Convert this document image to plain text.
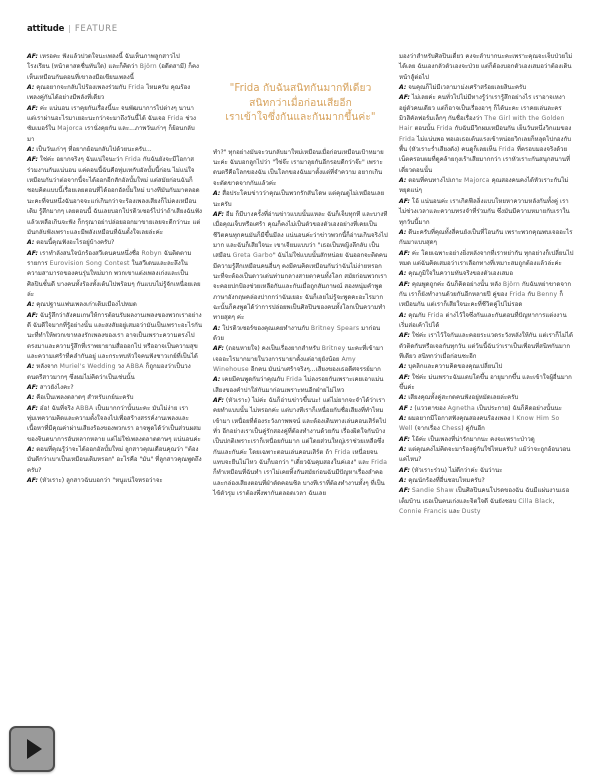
attitude | FEATURE

AF: เหรอคะ ฟังแล้วปวดใจนะเพลงนี้ ฉันเห็นภาพลูกสาวไปโรงเรียน (หน้าตาสดชื่นทันใด) และก็คิดว่า Björn (อดีตสามี) ก็คงเห็นเหมือนกันตอนที่เขาลงมือเขียนเพลงนี้

A: คุณอยากจะกลับไปร้องเพลงร่วมกับ Frida ไหมครับ คุณร้องเพลงคู่กันได้อย่างมีพลังที่เดียว

AF: ค่ะ แน่นอน เราคุยกันเรื่องนี้นะ จนพัฒนาการไปต่างๆ นานา แต่เราผ่านอะไรมาเยอะนะกว่าจะมาถึงวันนี้ได้ ฉันเจอ Frida ช่วงซัมเมอร์ใน Majorca เรานั่งคุยกัน และ...ภาพวันเก่าๆ ก็ย้อนกลับมา

A: เป็นวันเก่าๆ ที่อยากย้อนกลับไปด้วยนะครับ...

AF: ใช่ค่ะ อยากจริงๆ ฉันแน่ใจนะว่า Frida กับฉันยังจะมีโอกาสร่วมงานกันแน่นอน แค่ตอนนี้ฉันคือทุ่มเทกับอัลบั้มนี้ก่อน ไม่แน่ใจเหมือนกันว่าต่อจากนี้จะได้ออกอีกสักอัลบั้มใหม่ แต่สมัยก่อนฉันก็ชอบคิดแบบนี้เรื่อยเลยตอนที่ได้ออกอัลบั้มใหม่ บางทีมันกันมาตลอดนะคะที่จนหนึ่งฉันอาจจะแก่เกินกว่าจะร้องเพลงเสียงก็ไม่คงเหมือนเดิม รู้สึกมากๆ เลยตอนนี้ ฉันเลยบอกโปรดิวเซอร์ไปว่าถ้าเสียงฉันฟังแล้วเหลือเกินจะฟัง ก็กรุณาอย่าปล่อยออกมาขายเลยจะดีกว่านะ แต่มันกลับฟังเพราะและมีพลังเหมือนที่ฉันตั้งใจเลยล่ะค่ะ

A: ตอนนี้คุณฟังอะไรอยู่บ้างครับ?

AF: เราทำลังสนใจนักร้องสวีเดนคนหนึ่งชื่อ Robyn ฉันติดตามรายการ Eurovision Song Contest ในสวีเดนและละลึงในความสามารถของคนรุ่นใหม่มาก พวกเขาแต่งเพลงเก่งและเป็นศิลปินชั้นดี บางคนทั้งร้องทั้งเต้นไปพร้อมๆ กันแบบไม่รู้จักเหนื่อยเลยล่ะ

A: คุณปฐานแฟนเพลงเก่าเดิมเมืองไปหมด

AF: ฉันรู้สึกว่าสังคมเกษให้การต้อนรับผลงานเพลงของพวกเราอย่างดี ฉันดีใจมากที่รู้อย่างนั้น และสงสัยอยู่เสมอว่ามันเป็นเพราะอะไรกันนะที่ทำให้พวกเขาหลงรักเพลงของเรา อาจเป็นเพราะความตรงไปตรงมาและความรู้สึกที่เราพยายามสื่อออกไป หรืออาจเป็นความสุขและความเศร้าที่คลำกันอยู่ และกระทบหัวใจคนฟังชาวเกย์ที่เป็นได้

A: หลังจาก Muriel's Wedding วง ABBA ก็ถูกมองว่าเป็นวงดนตรีสาวมากๆ ซึ่งผมไม่คิดว่าเป็นเช่นนั้น

AF: สาวยังไงคะ?

A: คือเป็นเพลงตลาดๆ สำหรับเกย์นะครับ

AF: อ๋อ! ฉันที่จริง ABBA เป็นมากกว่านั้นนะคะ มันไม่ง่าย เราทุ่มเทความคิดและความตั้งใจลงไปเพื่อสร้างสรรค์งานเพลงและเนื้อหาที่มีคุณค่าผ่านเสียงร้องของพวกเรา อาจพูดได้ว่าเป็นส่วนผสมของจินตนาการอันหลากหลาย แต่ไม่ใช่เพลงตลาดดาษๆ แน่นอนค่ะ

A: ตอนที่คุณรู้ว่าจะได้ออกอัลบั้มใหม่ ลูกสาวคุณเดือนคุณว่า "ต้องมันดีกว่าเบาเป็นเหมือนเดิมหรอก" อะไรคือ "มัน" ที่ลูกสาวคุณพูดถึงครับ?

AF: (หัวเราะ) ลูกสาวฉันบอกว่า "หนูแน่ใจหรอว่าจะ

"Frida กับฉันสนิทกันมากทีเดียว
สนิทกว่าเมื่อก่อนเสียอีก
เราเข้าใจซึ่งกันและกันมากขึ้นค่ะ"

ทำ?" ทุกอย่างมันจะวนกลับมาใหม่เหมือนเมื่อก่อนเหมือนเป้าหมายนะค่ะ ฉันบอกลูกไปว่า "ใช่จ๊ะ เรามาลุยกันอีกรอบดีกว่าจ๊ะ" เพราะดนตรีคือโลกของฉัน เป็นโลกของฉันมาตั้งแต่ที่จำความ อยากเกินจะตัดขาดจากกันแล้วค่ะ

A: สื่อประโคมข่าวว่าคุณเป็นพวกรักสันโดษ แต่คุณดูไม่เหมือนเลยนะครับ

AF: อืม ก็มีบางครั้งที่อ่านข่าวแบบนั้นแหละ ฉันก็เจ็บทุกที และบางทีเมื่อคุณเจ็บหรือเศร้า คุณก็คงไม่เป็นตัวของตัวเองอย่างที่เคยเป็น ชีวิตคนทุกคนมันก็มีขึ้นมีลง แน่นอนค่ะว่าข่าวพวกนี้ก็อ่านเกินจริงไปมาก และฉันก็เสียใจนะ เขาเจียมแบบว่า "เธอเป็นหญิงลึกลับ เป็นเสมือน Greta Garbo" ฉันไม่ใช่แบบนั้นสักหน่อย ฉันออกจะติดคน มีความรู้สึกเหมือนคนอื่นๆ คงมีคนคิดเหมือนกันว่าฉันไม่ง่ายหรอกนะที่จะต้องเป็นดาวเด่นท่ามกลางสายตาคนทั้งโลก สมัยก่อนพวกเราจะคอยปกป้องช่วยเหลือกันและกันเมื่อถูกสัมภาษณ์ สองหนุ่มคำพูดภาษาอังกฤษคล่องปากกว่าฉันเยอะ ฉันก็เลยไม่รู้จะพูดคะอะไรมาก ฉะนั้นก็คงพูดได้ว่าการปล่อยพเป็นศิลปินของคนทั้งโลกเป็นความทำทายสุดๆ ค่ะ

A: โปรดิวเซอร์ของคุณเคยทำงานกับ Britney Spears มาก่อนด้วย

AF: (ถอนหายใจ) คงเป็นเรื่องยากสำหรับ Britney นะคะที่เข้ามาเจออะไรมากมายในวงการมายาตั้งแต่อายุยังน้อย Amy Winehouse อีกคน มันน่าเศร้าจริงๆ...เสียงของเธอดีศจรรย์มาก

A: เคยมีคนพูดกันว่าคุณกับ Frida ไม่ลงรอยกันเพราะเคยเอาแม่นเสียงของคำปาใส่กันมาก่อนเพราะทนอีกฝ่ายไม่ไหว

AF: (หัวเราะ) ไม่ค่ะ ฉันก็อ่านข่าวขึ้นนะ! แต่ไม่ยากจะจำได้ว่าเราคยทำแบบนั้น ไม่หรอกค่ะ แต่บางทีเราก็เหนื่อยกับชื่อเสียงที่ทำไหมเข้ามา เหนื่อยที่ต้องระวังภาพพจน์ และต้องเดินทางเล่นคอนเสิร์ตไปทั่ว อีกอย่างเราเป็นคู่รักสองคู่ที่ต้องทำงานด้วยกัน เรื่องผิดใจกันบ้างเป็นปกติเพราะเราก็เหนื่อยกันมาก แต่โดยส่วนใหญ่เราช่วยเหลือซึ่งกันและกันค่ะ โดยเฉพาะตอนเล่นคอนเสิร์ต ถ้า Frida เหนื่อยจนแทบจะยืนไม่ไหว ฉันก็บอกว่า "เดี๋ยวฉันคุมสองในค่เอง" และ Frida ก็ทำเหมือนที่ฉันทำ เราไม่เคยทิ้งกันสมัยก่อนฉันมีปัญหาเรื่องลำคอและกล่องเสียงตอนที่ฝ่าตัดคอนซิล บางทีเราที่ต้องทำงานทั้งๆ ที่เป็นไข้ตัวรุม เราต้องพึ่งพากันตลอดเวลา ฉันเลย

มองว่าสำหรับศิลปินเดี่ยว คงจะลำบากนะคะเพราะคุณจะเจ็บป่วยไม่ได้เลย ฉันเองกลัวตัวเองจะป่วย แต่ก็ต้องบอกตัวเองเสมอว่าต้องเดินหน้าสู้ต่อไป

A: จนคุณก็ไม่มีเวลามาม่งเศร้าสร้อยเลยสินะครับ

AF: ไม่เลยค่ะ คนทั่วไปไม่มีทางรู้ว่าเรารู้สึกอย่างไร เราอาจเหงา อยู่ตัวคนเดียว แต่ก็อาจเป็นเรื่องอาๆ ก็ได้นะคะ เราคยเล่นละครมิวสิคัลฟอร์มเล็กๆ กันชื่อเรื่องว่า The Girl with the Golden Hair ตอนนั้น Frida กับฉันมีวิกผมเหมือนกัน เย็นวันหนึ่งวิกแมของ Frida ไม่แน่นพอ พอเอเธอเต้นแรงเข้าหน่อยวิกเลยก็หลุดไปกองกับพื้น (หัวเราะร่ำเสียงดัง) คนดูก็เลยเห็น Frida ที่ครอบมองจริงด้วยเน็ตครอบผมที่ดูคล้ายกุงเร้าเสียมากกว่า เราหัวเราะกันสนุกสนานที่เดี่ยวตอนนั้น

A: ตอนที่คนทางไปเกาะ Majorca คุณสองคนคงได้หัวเราะกันไม่หยุดแน่ๆ

AF: โอ้ แน่นอนค่ะ เราเกิดฟีลลิ่งแบบโหยหาความหลังกันทั้งคู่ เราไม่ช่วงเวลาและความทรงจำที่ร่วมกัน ซึ่งมันมีความหมายกับเราในทุกวันนี้มาก

A: ดีนะครับที่คุณทั้งสี่คนยังเป็นที่โอนกัน เพราะพวกคุณพบเจออะไรกันมาแบบสุดๆ

AF: ค่ะ โดยเฉพาะอย่างยิ่งหลังจากที่เราหย่ากัน ทุกอย่างก็เปลี่ยนไปหมด แต่ฉันคิดเสมอว่าเราเลือกทางที่เหมาะสมถูกต้องแล้วล่ะค่ะ

A: คุณภูมิใจในความทันจริงของตัวเองเสมอ

AF: คุณพูดถูกค่ะ ฉันก็คิดอย่างนั้น หลัง Björn กับฉันหย่าขาดจากกัน เราก็ยังทำงานด้วยกันอีกหลายปี คู่ของ Frida กับ Benny ก็เหมือนกัน แต่เราก็เสียใจนะคะที่ชีวิตคู่ไปไม่รอด

A: คุณกับ Frida ต่างไว้ใจซึ่งกันและกันตอนที่ปัญหาการแต่งงานเริ่มส่อเค้าไปได้

AF: ใช่ค่ะ เราไว้ใจกันและคอยระแวดระวังหลังให้กัน แต่เราก็ไม่ได้ตัวติดกันหรือเจอกันทุกวัน แต่ว้นนี้ฉันว่าเราเป็นเพื่อนที่สนิทกันมากทีเดียว สนิทกว่าเมื่อก่อนซะอีก

A: บุคลิกและความคิดของคุณเปลี่ยนไป

AF: ใช่ค่ะ ม่นเพราะฉันแตบโตขึ้น อายุมากขึ้น และเข้าใจผู้อื่นมากขึ้นค่ะ

A: เสียงคุณทั้งคู่สะกดคนฟังอยู่หมัดเลยล่ะครับ

AF : (แววตาของ Agnetha เป็นประกาย) ฉันก็คิดอย่างนั้นนะ

A: ผมอยากมีโอกาสฟังคุณสองคนร้องเพลง I Know Him So Well (จากเรื่อง Chess) คู่กันอีก

AF: โอ้ค่ะ เป็นเพลงที่น่ารักมากนะ คงจะเพราะป่าวดู

A: แต่คุณคงไม่คิดจะมาร้องคู่กันใช่ไหมครับ? แม้ว่าจะถูกอ้อนวอนแค่ไหน?

AF: (หัวเราะร่วน) ไม่ดีกว่าค่ะ ฉันว่านะ

A: คุณนักร้องที่อื่นชอบไหมครับ?

AF: Sandie Shaw เป็นศิลปินคนโปรดของฉัน ฉันมีแผ่นงานเธอเต็มบ้าน เธอเป็นคนเก่งและจิตใจดี ฉันยังชอบ Cilla Black, Connie Francis และ Dusty
